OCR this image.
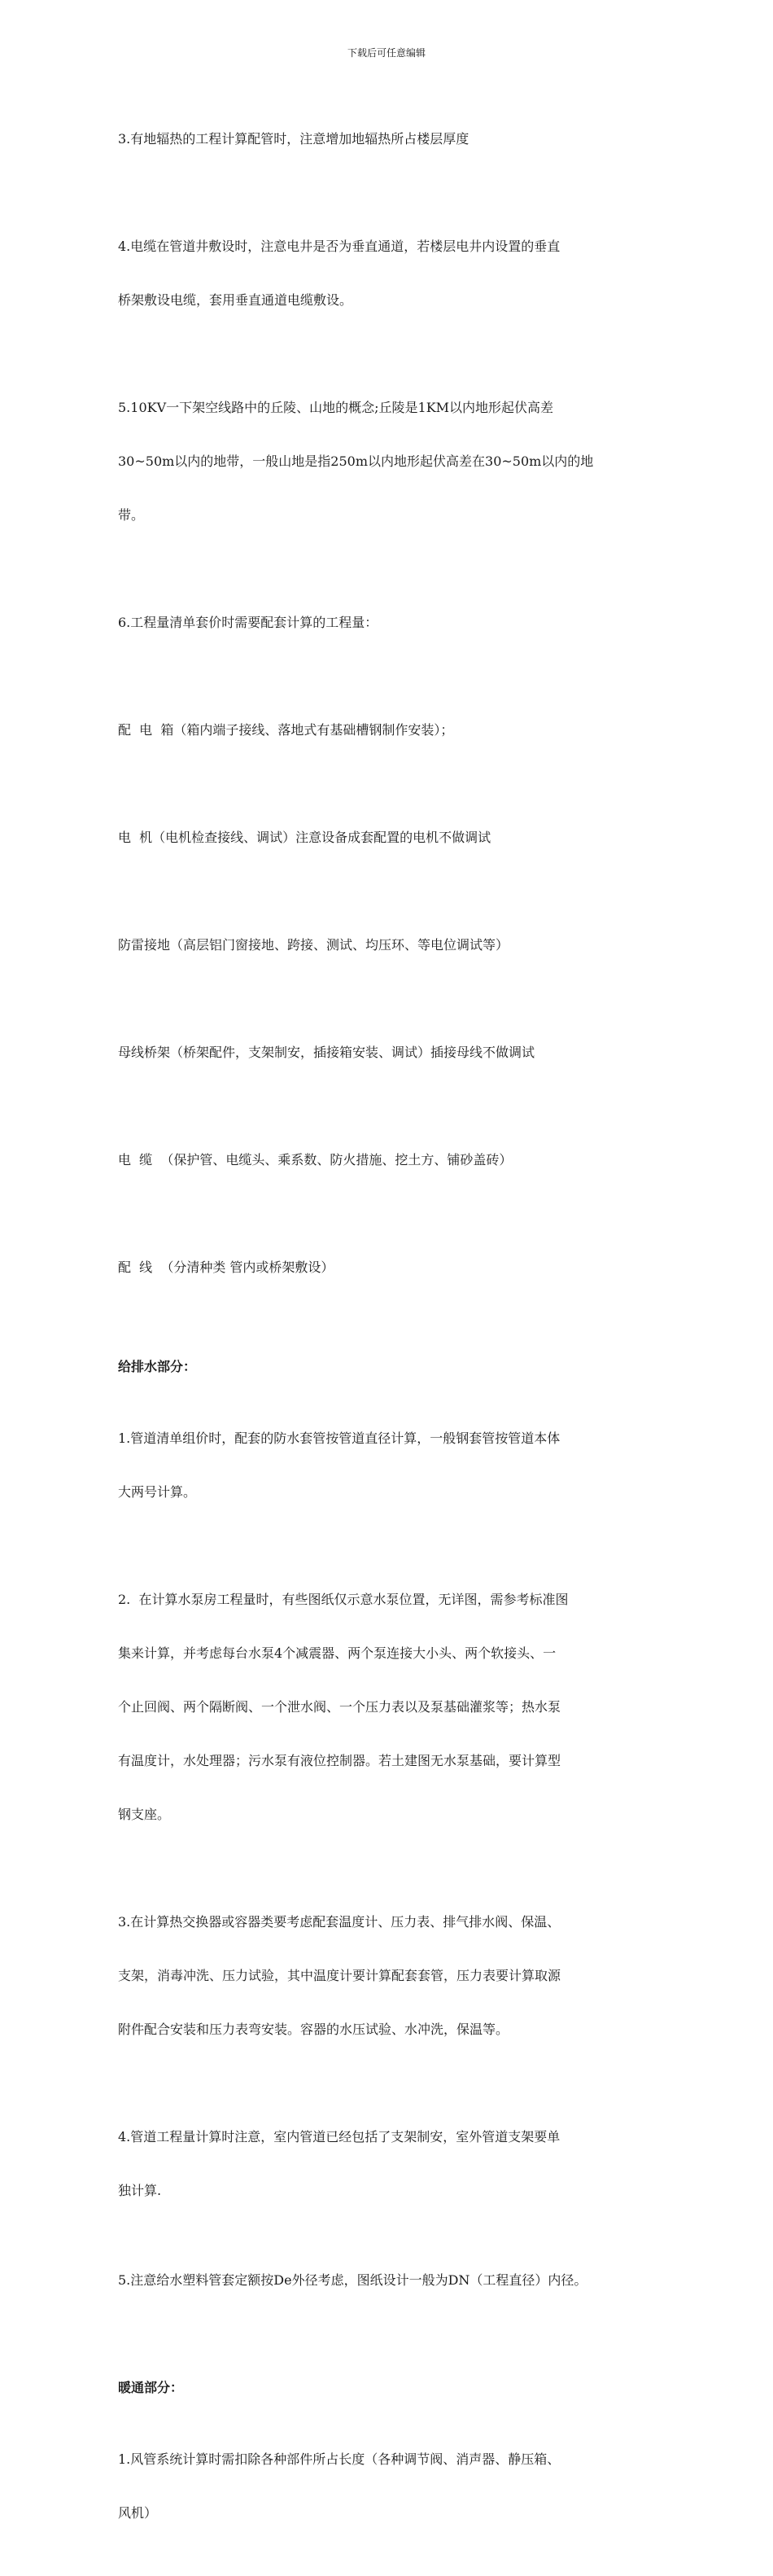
下载后可任意编辑

3.有地辐热的工程计算配管时，注意增加地辐热所占楼层厚度

4.电缆在管道井敷设时，注意电井是否为垂直通道，若楼层电井内设置的垂直

桥架敷设电缆，套用垂直通道电缆敷设。

5.10KV一下架空线路中的丘陵、山地的概念;丘陵是1KM以内地形起伏高差

30~50m以内的地带，一般山地是指250m以内地形起伏高差在30~50m以内的地

带。

6.工程量清单套价时需要配套计算的工程量：

配  电  箱（箱内端子接线、落地式有基础槽钢制作安装）；

电  机（电机检查接线、调试）注意设备成套配置的电机不做调试

防雷接地（高层铝门窗接地、跨接、测试、均压环、等电位调试等）

母线桥架（桥架配件，支架制安，插接箱安装、调试）插接母线不做调试

电  缆  （保护管、电缆头、乘系数、防火措施、挖土方、铺砂盖砖）

配  线  （分清种类 管内或桥架敷设）

给排水部分：

1.管道清单组价时，配套的防水套管按管道直径计算，一般钢套管按管道本体

大两号计算。

2.  在计算水泵房工程量时，有些图纸仅示意水泵位置，无详图，需参考标准图

集来计算，并考虑每台水泵4个减震器、两个泵连接大小头、两个软接头、一

个止回阀、两个隔断阀、一个泄水阀、一个压力表以及泵基础灌浆等；热水泵

有温度计，水处理器；污水泵有液位控制器。若土建图无水泵基础，要计算型

钢支座。

3.在计算热交换器或容器类要考虑配套温度计、压力表、排气排水阀、保温、

支架，消毒冲洗、压力试验，其中温度计要计算配套套管，压力表要计算取源

附件配合安装和压力表弯安装。容器的水压试验、水冲洗，保温等。

4.管道工程量计算时注意，室内管道已经包括了支架制安，室外管道支架要单

独计算.

5.注意给水塑料管套定额按De外径考虑，图纸设计一般为DN（工程直径）内径。

暖通部分：

1.风管系统计算时需扣除各种部件所占长度（各种调节阀、消声器、静压箱、

风机）
